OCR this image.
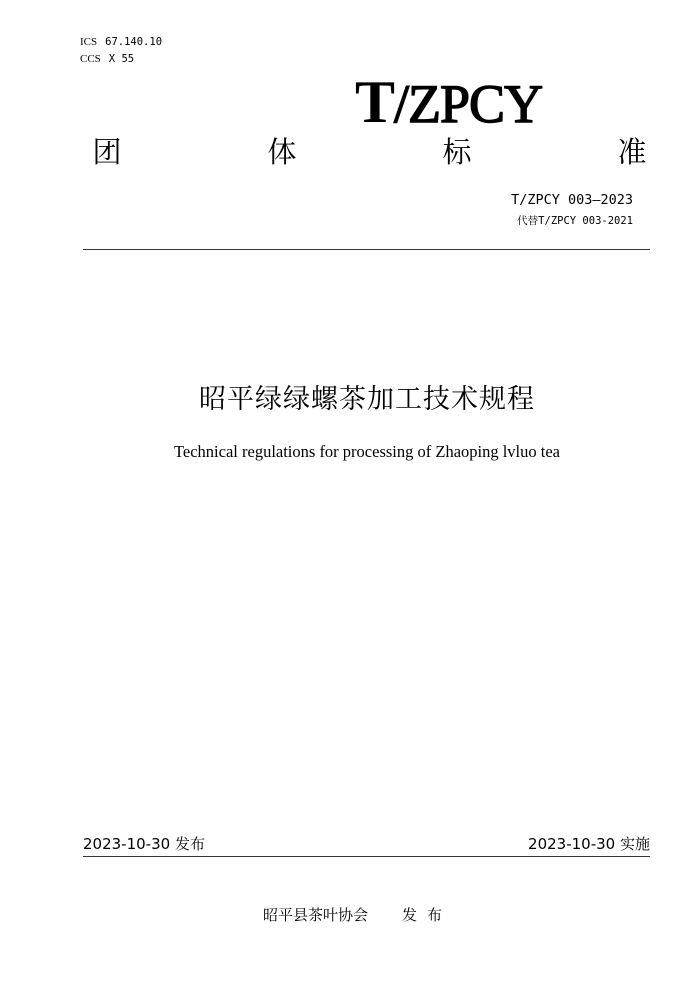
ICS 67.140.10
CCS X 55
T/ZPCY
团	体	标	准
T/ZPCY 003—2023
代替T/ZPCY 003-2021
昭平绿绿螺茶加工技术规程
Technical regulations for processing of Zhaoping lvluo tea
2023-10-30 发布	2023-10-30 实施
昭平县茶叶协会 发布
